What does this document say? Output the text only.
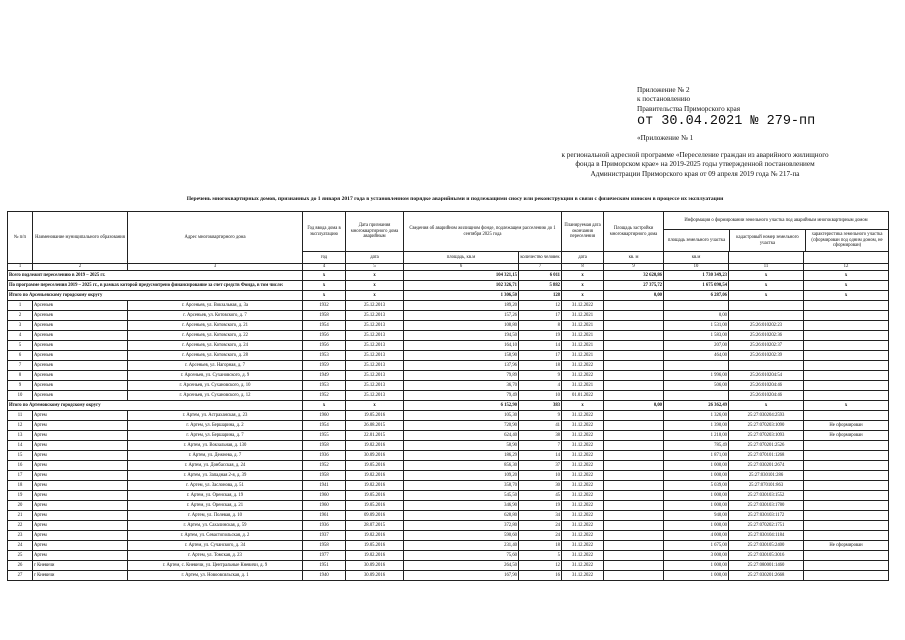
Приложение № 2
к постановлению
Правительства Приморского края
от 30.04.2021 № 279-пп
«Приложение № 1
к региональной адресной программе «Переселение граждан из аварийного жилищного
фонда в Приморском крае» на 2019-2025 годы утвержденной постановлением
Администрации Приморского края от 09 апреля 2019 года № 217-па
Перечень многоквартирных домов, признанных до 1 января 2017 года в установленном порядке аварийными и подлежащими сносу или реконструкции в связи с физическим износом в процессе их эксплуатации
№ п/п	Наименование муниципального образования	Адрес многоквартирного дома	Год ввода дома в эксплуатацию	Дата признания многоквартирного дома аварийным	Сведения об аварийном жилищном фонде, подлежащем расселению до 1 сентября 2025 года		Планируемая дата окончания переселения	Площадь застройки многоквартирного дома	Информация о формировании земельного участка под аварийным многоквартирным домом
площадь земельного участка
кадастровый номер земельного участка
характеристика земельного участка (сформирован под одним домом, не сформирован)		

			год	дата	площадь, кв.м	количество человек	дата	кв. м	кв.м		
1	2	3	4	5	6	7	8	9	10	11	12
Всего подлежит переселению в 2019 – 2025 гг.			x	x	104 321,15	6 011	x	32 620,86	1 730 349,23	x	x
По программе переселения 2019 – 2025 гг., в рамках которой предусмотрено финансирование за счет средств Фонда, в том числе:			x	x	102 326,71	5 882	x	27 375,72	1 675 090,54	x	x
Итого по Арсеньевскому городскому округу			x	x	1 306,50	128	x	0,00	6 287,06	x	x
1	Арсеньев	г. Арсеньев, ул. Вокзальная, д. 3а	1932	25.12.2013	189,20	12	31.12.2022				
2	Арсеньев	г. Арсеньев, ул. Котовского, д. 7	1958	25.12.2013	157,26	17	31.12.2021		0,00		
3	Арсеньев	г. Арсеньев, ул. Котовского, д. 21	1954	25.12.2013	108,80	8	31.12.2021		1 531,00	25:26:010202:23	
4	Арсеньев	г. Арсеньев, ул. Котовского, д. 22	1956	25.12.2013	194,50	19	31.12.2021		1 583,00	25:26:010202:36	
5	Арсеньев	г. Арсеньев, ул. Котовского, д. 24	1956	25.12.2013	164,10	14	31.12.2021		207,00	25:26:010202:37	
6	Арсеньев	г. Арсеньев, ул. Котовского, д. 28	1953	25.12.2013	158,90	17	31.12.2021		464,00	25:26:010202:39	
7	Арсеньев	г. Арсеньев, ул. Нагорная, д. 7	1959	25.12.2013	137,96	18	31.12.2022				
8	Арсеньев	г. Арсеньев, ул. Сухановского, д. 9	1949	25.12.2013	79,89	9	31.12.2022		1 996,00	25:26:010204:54	
9	Арсеньев	г. Арсеньев, ул. Сухановского, д. 10	1953	25.12.2013	36,70	4	31.12.2021		506,00	25:26:010204:46	
10	Арсеньев	г. Арсеньев, ул. Сухановского, д. 12	1952	25.12.2013	79,49	10	01.01.2022			25:26:010204:46	
Итого по Артемовскому городскому округу			x	x	6 152,90	383	x	0,00	26 362,49	x	x
11	Артем	г. Артем, ул. Астраханская, д. 23	1960	19.05.2016	105,30	9	31.12.2022		1 326,00	25:27:030204:2593	
12	Артем	г. Артем, ул. Бершарина, д. 2	1954	26.08.2015	720,90	41	31.12.2022		1 390,00	25:27:070203:1090	Не сформирован
13	Артем	г. Артем, ул. Бершарина, д. 7	1955	22.01.2015	624,40	38	31.12.2022		1 218,00	25:27:070203:1093	Не сформирован
14	Артем	г. Артем, ул. Вокзальная, д. 130	1958	19.02.2016	58,90	7	31.12.2022		785,49	25:27:070201:2526	
15	Артем	г. Артем, ул. Дежнева, д. 7	1936	30.09.2016	186,29	14	31.12.2022		1 871,00	25:27:070101:1268	
16	Артем	г. Артем, ул. Донбасская, д. 24	1952	19.05.2016	856,30	37	31.12.2022		1 000,00	25:27:030201:2674	
17	Артем	г. Артем, ул. Западная 2-я, д. 39	1958	19.02.2016	109,20	10	31.12.2022		1 000,00	25:27:030101:286	
18	Артем	г. Артем, ул. Заслонова, д. 51	1941	19.02.2016	358,70	30	31.12.2022		5 039,00	25:27:070101:863	
19	Артем	г. Артем, ул. Оренская, д. 19	1960	19.05.2016	545,50	45	31.12.2022		1 000,00	25:27:030103:1552	
20	Артем	г. Артем, ул. Оренская, д. 21	1960	19.05.2016	346,90	19	31.12.2022		1 000,00	25:27:030103:1780	
21	Артем	г. Артем, ул. Полевая, д. 10	1961	09.09.2016	628,80	34	31.12.2022		940,00	25:27:030103:1172	
22	Артем	г. Артем, ул. Сахалинская, д. 59	1936	28.07.2015	372,80	24	31.12.2022		1 000,00	25:27:070202:1751	
23	Артем	г. Артем, ул. Севастопольская, д. 2	1937	19.02.2016	590,60	24	31.12.2022		4 000,00	25:27:030104:1184	
24	Артем	г. Артем, ул. Сучанского, д. 34	1958	19.05.2016	231,40	18	31.12.2022		1 675,00	25:27:030105:2400	Не сформирован
25	Артем	г. Артем, ул. Томская, д. 23	1977	19.02.2016	75,60	5	31.12.2022		3 000,00	25:27:030105:3016	
26	г Кневичи	г. Артем, с. Кневичи, ул. Центральные Кневичи, д. 9	1951	30.09.2016	264,50	12	31.12.2022		1 000,00	25:27:080001:1460	
27	г Кневичи	г. Артем, ул. Новоовсяльская, д. 1	1940	30.09.2016	167,90	16	31.12.2022		1 000,00	25:27:030201:2668	
